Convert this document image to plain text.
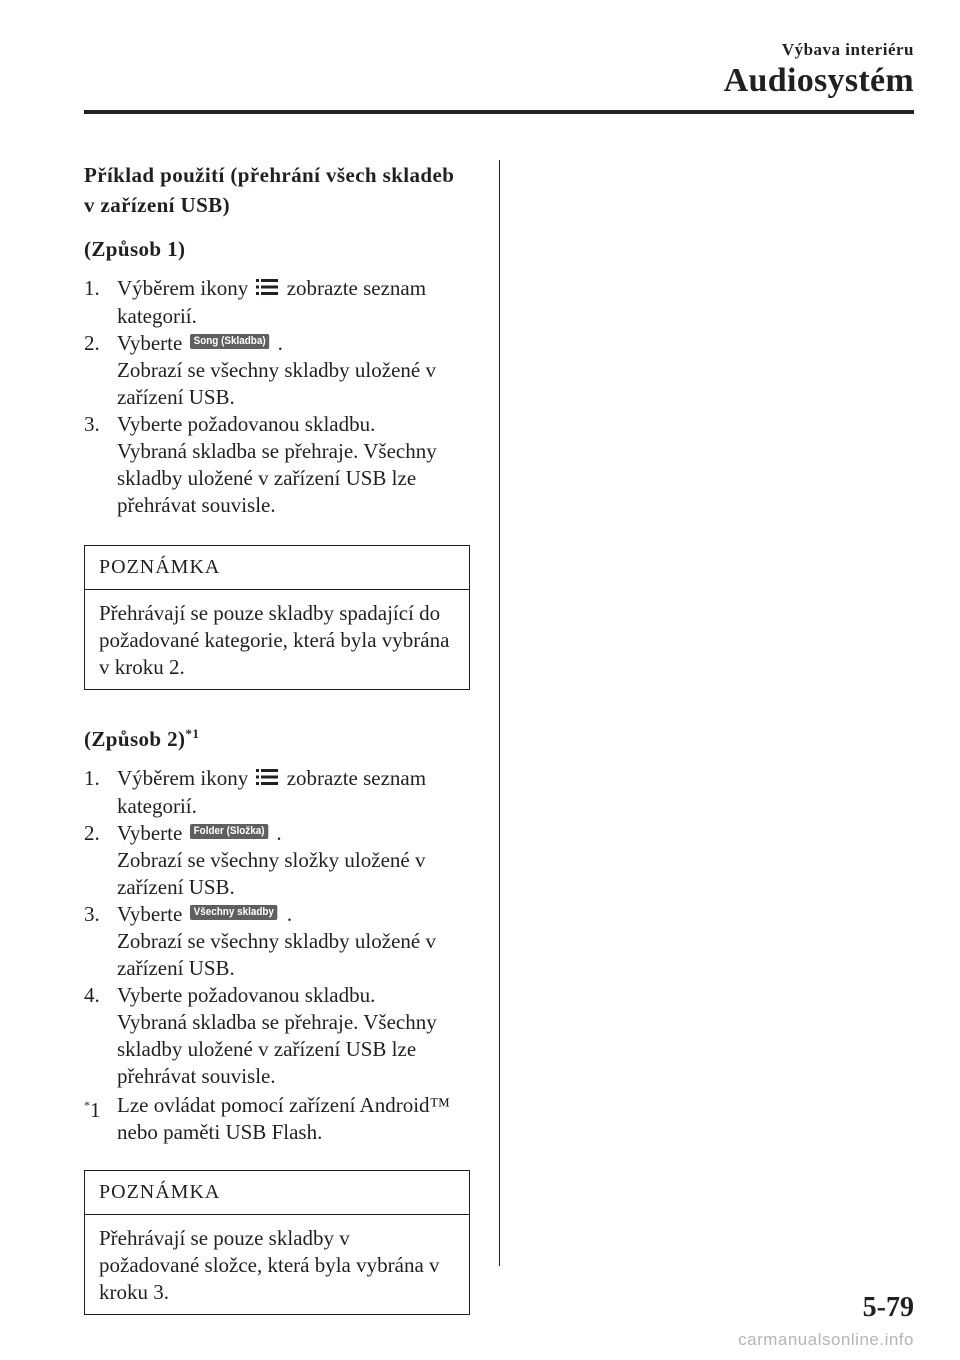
Výbava interiéru
Audiosystém
Příklad použití (přehrání všech skladeb v zařízení USB)
(Způsob 1)
1. Výběrem ikony zobrazte seznam kategorií.
2. Vyberte Song (Skladba) .
Zobrazí se všechny skladby uložené v zařízení USB.
3. Vyberte požadovanou skladbu.
Vybraná skladba se přehraje. Všechny skladby uložené v zařízení USB lze přehrávat souvisle.
POZNÁMKA
Přehrávají se pouze skladby spadající do požadované kategorie, která byla vybrána v kroku 2.
(Způsob 2)$^{*1}$
1. Výběrem ikony zobrazte seznam kategorií.
2. Vyberte Folder (Složka) .
Zobrazí se všechny složky uložené v zařízení USB.
3. Vyberte Všechny skladby .
Zobrazí se všechny skladby uložené v zařízení USB.
4. Vyberte požadovanou skladbu.
Vybraná skladba se přehraje. Všechny skladby uložené v zařízení USB lze přehrávat souvisle.
*1 Lze ovládat pomocí zařízení Android™ nebo paměti USB Flash.
POZNÁMKA
Přehrávají se pouze skladby v požadované složce, která byla vybrána v kroku 3.	5-79
carmanualsonline.info
